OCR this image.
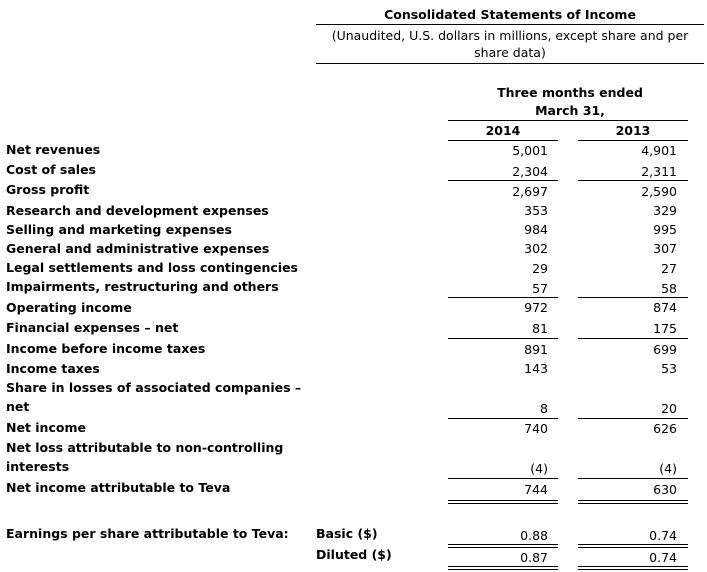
Consolidated Statements of Income
(Unaudited, U.S. dollars in millions, except share and per share data)
Three months ended March 31,
2014	2013
Net revenues	5,001	4,901
Cost of sales	2,304	2,311
Gross profit	2,697	2,590
Research and development expenses	353	329
Selling and marketing expenses	984	995
General and administrative expenses	302	307
Legal settlements and loss contingencies	29	27
Impairments, restructuring and others	57	58
Operating income	972	874
Financial expenses – net	81	175
Income before income taxes	891	699
Income taxes	143	53
Share in losses of associated companies –
net	8	20
Net income	740	626
Net loss attributable to non-controlling
interests	(4)	(4)
Net income attributable to Teva	744	630
Earnings per share attributable to Teva: Basic ($)	0.88	0.74
Diluted ($)	0.87	0.74
